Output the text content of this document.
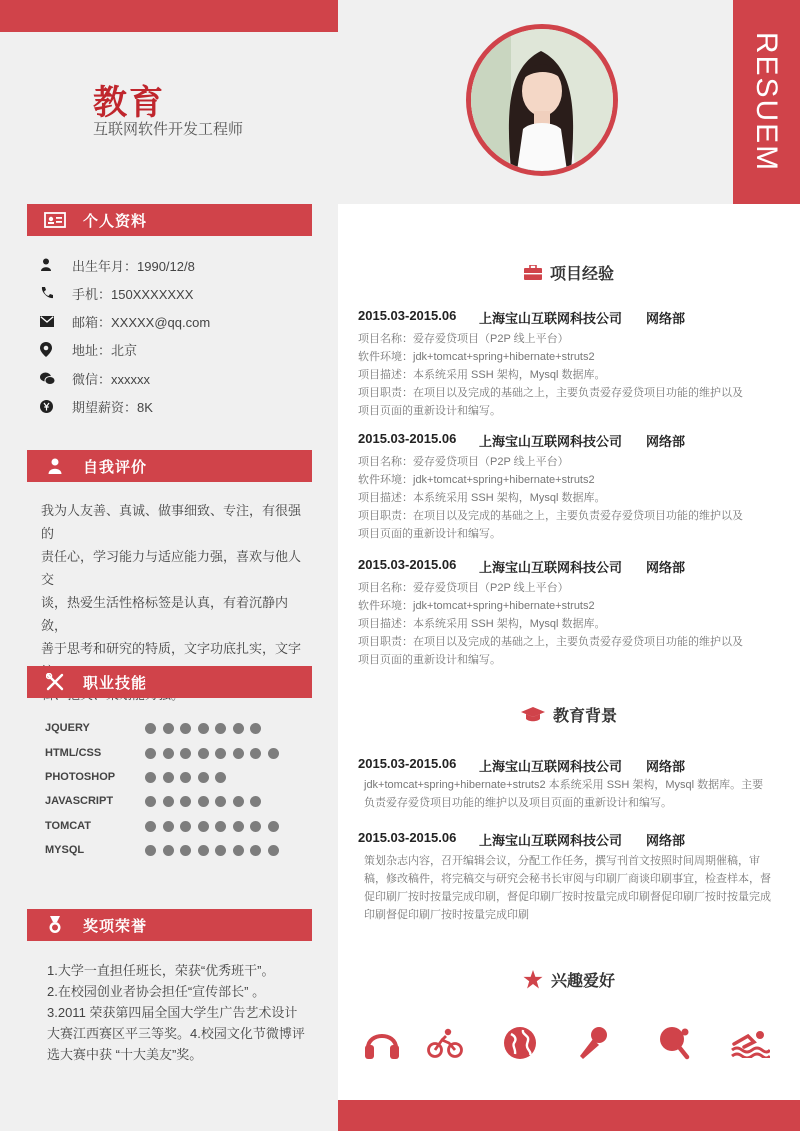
RESUEM
教育
互联网软件开发工程师
个人资料
出生年月：1990/12/8
手机：150XXXXXXX
邮箱：XXXXX@qq.com
地址：北京
微信：xxxxxx
期望薪资：8K
自我评价
我为人友善、真诚、做事细致、专注，有很强的
责任心，学习能力与适应能力强，喜欢与他人交
谈，热爱生活性格标签是认真，有着沉静内敛，
善于思考和研究的特质，文字功底扎实，文字
职业技能
JQUERY
HTML/CSS
PHOTOSHOP
JAVASCRIPT
TOMCAT
MYSQL
奖项荣誉
1.大学一直担任班长，荣获“优秀班干”。
2.在校园创业者协会担任“宣传部长” 。
3.2011 荣获第四届全国大学生广告艺术设计
大赛江西赛区平三等奖。4.校园文化节微博评
选大赛中获 “十大美友”奖。
项目经验
2015.03-2015.06	上海宝山互联网科技公司	网络部
项目名称：爱存爱贷项目（P2P 线上平台）
软件环境：jdk+tomcat+spring+hibernate+struts2
项目描述：本系统采用 SSH 架构，Mysql 数据库。
项目职责：在项目以及完成的基础之上，主要负责爱存爱贷项目功能的维护以及
项目页面的重新设计和编写。
2015.03-2015.06	上海宝山互联网科技公司	网络部
项目名称：爱存爱贷项目（P2P 线上平台）
软件环境：jdk+tomcat+spring+hibernate+struts2
项目描述：本系统采用 SSH 架构，Mysql 数据库。
项目职责：在项目以及完成的基础之上，主要负责爱存爱贷项目功能的维护以及
项目页面的重新设计和编写。
2015.03-2015.06	上海宝山互联网科技公司	网络部
项目名称：爱存爱贷项目（P2P 线上平台）
软件环境：jdk+tomcat+spring+hibernate+struts2
项目描述：本系统采用 SSH 架构，Mysql 数据库。
项目职责：在项目以及完成的基础之上，主要负责爱存爱贷项目功能的维护以及
项目页面的重新设计和编写。
教育背景
2015.03-2015.06	上海宝山互联网科技公司	网络部
jdk+tomcat+spring+hibernate+struts2 本系统采用 SSH 架构，Mysql 数据库。主要负责爱存爱贷项目功能的维护以及项目页面的重新设计和编写。
2015.03-2015.06	上海宝山互联网科技公司	网络部
策划杂志内容，召开编辑会议，分配工作任务，撰写刊首文按照时间周期催稿，审稿，修改稿件，将完稿交与研究会秘书长审阅与印刷厂商谈印刷事宜，检查样本，督促印刷厂按时按量完成印刷，督促印刷厂按时按量完成印刷督促印刷厂按时按量完成印刷督促印刷厂按时按量完成印刷
兴趣爱好
